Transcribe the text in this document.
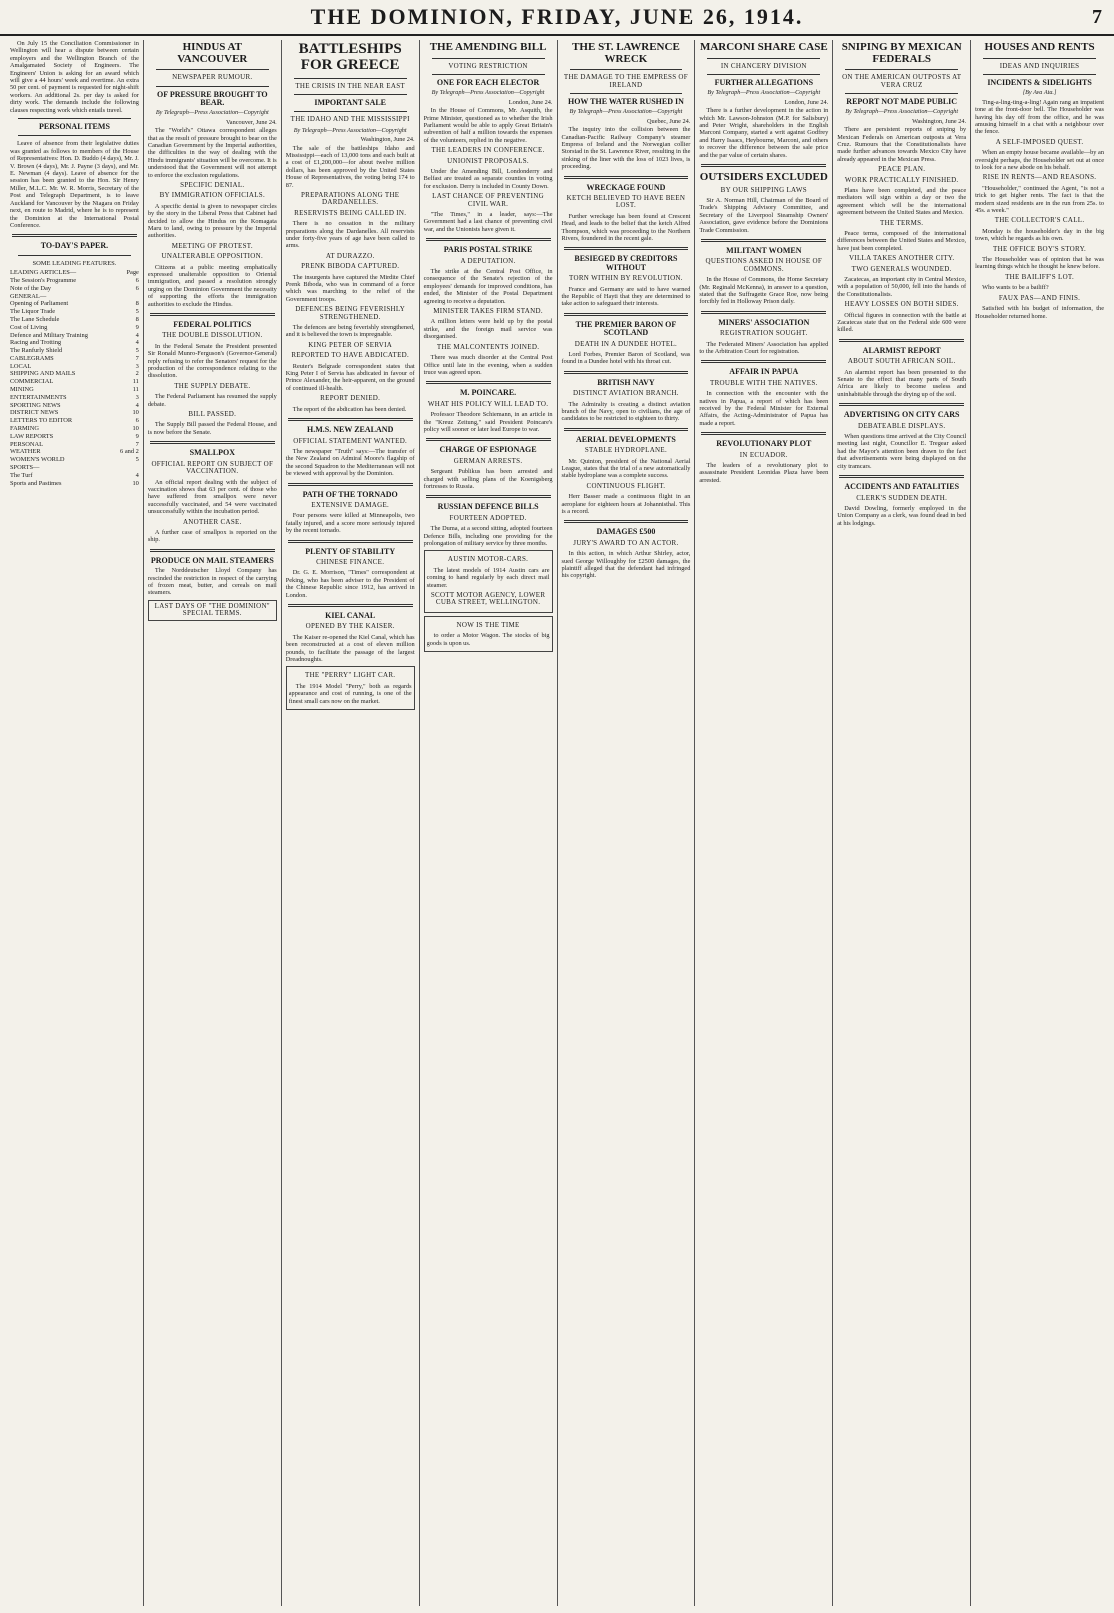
THE DOMINION, FRIDAY, JUNE 26, 1914.	7

On July 15 the Conciliation Commissioner in Wellington will hear a dispute between certain employers and the Wellington Branch of the Amalgamated Society of Engineers. The Engineers' Union is asking for an award which will give a 44 hours' week and overtime. An extra 50 per cent. of payment is requested for night-shift workers. An additional 2s. per day is asked for dirty work. The demands include the following clauses respecting work which entails travel.

PERSONAL ITEMS

Leave of absence from their legislative duties was granted as follows to members of the House of Representatives: Hon. D. Buddo (4 days), Mr. J. V. Brown (4 days), Mr. J. Payne (3 days), and Mr. E. Newman (4 days). Leave of absence for the session has been granted to the Hon. Sir Henry Miller, M.L.C. Mr. W. R. Morris, Secretary of the Post and Telegraph Department, is to leave Auckland for Vancouver by the Niagara on Friday next, en route to Madrid, where he is to represent the Dominion at the International Postal Conference.

TO-DAY'S PAPER.
SOME LEADING FEATURES.
LEADING ARTICLES—	Page
The Session's Programme	6
Note of the Day	6
GENERAL—
Opening of Parliament	8
The Liquor Trade	5
The Lane Schedule	8
Cost of Living	9
Defence and Military Training	4
Racing and Trotting	4
The Ranfurly Shield	5
CABLEGRAMS	7
LOCAL	3
SHIPPING AND MAILS	2
COMMERCIAL	11
MINING	11
ENTERTAINMENTS	3
SPORTING NEWS	4
DISTRICT NEWS	10
LETTERS TO EDITOR	6
FARMING	10
LAW REPORTS	9
PERSONAL	7
WEATHER	6 and 2
WOMEN'S WORLD	5
SPORTS—
The Turf	4
Sports and Pastimes	10
HINDUS AT VANCOUVER
NEWSPAPER RUMOUR.
OF PRESSURE BROUGHT TO BEAR.
By Telegraph—Press Association—Copyright
Vancouver, June 24.

The "World's" Ottawa correspondent alleges that as the result of pressure brought to bear on the Canadian Government by the Imperial authorities, the difficulties in the way of dealing with the Hindu immigrants' situation will be overcome. It is understood that the Government will not attempt to enforce the exclusion regulations.

SPECIFIC DENIAL.
BY IMMIGRATION OFFICIALS.

A specific denial is given to newspaper circles by the story in the Liberal Press that Cabinet had decided to allow the Hindus on the Komagata Maru to land, owing to pressure by the Imperial authorities.

MEETING OF PROTEST.
UNALTERABLE OPPOSITION.

Citizens at a public meeting emphatically expressed unalterable opposition to Oriental immigration, and passed a resolution strongly urging on the Dominion Government the necessity of supporting the efforts the immigration authorities to exclude the Hindus.

FEDERAL POLITICS
THE DOUBLE DISSOLUTION.

In the Federal Senate the President presented Sir Ronald Munro-Ferguson's (Governor-General) reply refusing to refer the Senators' request for the production of the correspondence relating to the dissolution.

THE SUPPLY DEBATE.

The Federal Parliament has resumed the supply debate.

BILL PASSED.

The Supply Bill passed the Federal House, and is now before the Senate.

SMALLPOX
OFFICIAL REPORT ON SUBJECT OF VACCINATION.

An official report dealing with the subject of vaccination shows that 63 per cent. of those who have suffered from smallpox were never successfully vaccinated, and 54 were vaccinated unsuccessfully within the incubation period.

ANOTHER CASE.

A further case of smallpox is reported on the ship.

PRODUCE ON MAIL STEAMERS

The Norddeutscher Lloyd Company has rescinded the restriction in respect of the carrying of frozen meat, butter, and cereals on mail steamers.

LAST DAYS OF "THE DOMINION" SPECIAL TERMS.
BATTLESHIPS FOR GREECE
THE CRISIS IN THE NEAR EAST
IMPORTANT SALE
THE IDAHO AND THE MISSISSIPPI
By Telegraph—Press Association—Copyright
Washington, June 24.

The sale of the battleships Idaho and Mississippi—each of 13,000 tons and each built at a cost of £1,200,000—for about twelve million dollars, has been approved by the United States House of Representatives, the voting being 174 to 87.

PREPARATIONS ALONG THE DARDANELLES.
RESERVISTS BEING CALLED IN.

There is no cessation in the military preparations along the Dardanelles. All reservists under forty-five years of age have been called to arms.

AT DURAZZO.
PRENK BIBODA CAPTURED.

The insurgents have captured the Mirdite Chief Prenk Biboda, who was in command of a force which was marching to the relief of the Government troops.

DEFENCES BEING FEVERISHLY STRENGTHENED.

The defences are being feverishly strengthened, and it is believed the town is impregnable.

KING PETER OF SERVIA
REPORTED TO HAVE ABDICATED.

Reuter's Belgrade correspondent states that King Peter I of Servia has abdicated in favour of Prince Alexander, the heir-apparent, on the ground of continued ill-health.

REPORT DENIED.

The report of the abdication has been denied.

H.M.S. NEW ZEALAND
OFFICIAL STATEMENT WANTED.

The newspaper "Truth" says:—The transfer of the New Zealand on Admiral Moore's flagship of the second Squadron to the Mediterranean will not be viewed with approval by the Dominion.

PATH OF THE TORNADO
EXTENSIVE DAMAGE.

Four persons were killed at Minneapolis, two fatally injured, and a score more seriously injured by the recent tornado.

PLENTY OF STABILITY
CHINESE FINANCE.

Dr. G. E. Morrison, "Times" correspondent at Peking, who has been adviser to the President of the Chinese Republic since 1912, has arrived in London.

KIEL CANAL
OPENED BY THE KAISER.

The Kaiser re-opened the Kiel Canal, which has been reconstructed at a cost of eleven million pounds, to facilitate the passage of the largest Dreadnoughts.

THE "PERRY" LIGHT CAR.

The 1914 Model "Perry," both as regards appearance and cost of running, is one of the finest small cars now on the market.

THE AMENDING BILL
VOTING RESTRICTION
ONE FOR EACH ELECTOR
By Telegraph—Press Association—Copyright
London, June 24.

In the House of Commons, Mr. Asquith, the Prime Minister, questioned as to whether the Irish Parliament would be able to apply Great Britain's subvention of half a million towards the expenses of the volunteers, replied in the negative.

THE LEADERS IN CONFERENCE.
UNIONIST PROPOSALS.

Under the Amending Bill, Londonderry and Belfast are treated as separate counties in voting for exclusion. Derry is included in County Down.

LAST CHANCE OF PREVENTING CIVIL WAR.

"The Times," in a leader, says:—The Government had a last chance of preventing civil war, and the Unionists have given it.

PARIS POSTAL STRIKE
A DEPUTATION.

The strike at the Central Post Office, in consequence of the Senate's rejection of the employees' demands for improved conditions, has ended, the Minister of the Postal Department agreeing to receive a deputation.

MINISTER TAKES FIRM STAND.

A million letters were held up by the postal strike, and the foreign mail service was disorganised.

THE MALCONTENTS JOINED.

There was much disorder at the Central Post Office until late in the evening, when a sudden truce was agreed upon.

M. POINCARE.
WHAT HIS POLICY WILL LEAD TO.

Professor Theodore Schiemann, in an article in the "Kreuz Zeitung," said President Poincare's policy will sooner or later lead Europe to war.

CHARGE OF ESPIONAGE
GERMAN ARRESTS.

Sergeant Publikus has been arrested and charged with selling plans of the Koenigsberg fortresses to Russia.

RUSSIAN DEFENCE BILLS
FOURTEEN ADOPTED.

The Duma, at a second sitting, adopted fourteen Defence Bills, including one providing for the prolongation of military service by three months.

AUSTIN MOTOR-CARS.

The latest models of 1914 Austin cars are coming to hand regularly by each direct mail steamer.

SCOTT MOTOR AGENCY, LOWER CUBA STREET, WELLINGTON.
NOW IS THE TIME

to order a Motor Wagon. The stocks of big goods is upon us.

THE ST. LAWRENCE WRECK
THE DAMAGE TO THE EMPRESS OF IRELAND
HOW THE WATER RUSHED IN
By Telegraph—Press Association—Copyright
Quebec, June 24.

The inquiry into the collision between the Canadian-Pacific Railway Company's steamer Empress of Ireland and the Norwegian collier Storstad in the St. Lawrence River, resulting in the sinking of the liner with the loss of 1023 lives, is proceeding.

WRECKAGE FOUND
KETCH BELIEVED TO HAVE BEEN LOST.

Further wreckage has been found at Crescent Head, and leads to the belief that the ketch Alfred Thompson, which was proceeding to the Northern Rivers, foundered in the recent gale.

BESIEGED BY CREDITORS WITHOUT
TORN WITHIN BY REVOLUTION.

France and Germany are said to have warned the Republic of Hayti that they are determined to take action to safeguard their interests.

THE PREMIER BARON OF SCOTLAND
DEATH IN A DUNDEE HOTEL.

Lord Forbes, Premier Baron of Scotland, was found in a Dundee hotel with his throat cut.

BRITISH NAVY
DISTINCT AVIATION BRANCH.

The Admiralty is creating a distinct aviation branch of the Navy, open to civilians, the age of candidates to be restricted to eighteen to thirty.

AERIAL DEVELOPMENTS
STABLE HYDROPLANE.

Mr. Quinton, president of the National Aerial League, states that the trial of a new automatically stable hydroplane was a complete success.

CONTINUOUS FLIGHT.

Herr Basser made a continuous flight in an aeroplane for eighteen hours at Johannisthal. This is a record.

DAMAGES £500
JURY'S AWARD TO AN ACTOR.

In this action, in which Arthur Shirley, actor, sued George Willoughby for £2500 damages, the plaintiff alleged that the defendant had infringed his copyright.

MARCONI SHARE CASE
IN CHANCERY DIVISION
FURTHER ALLEGATIONS
By Telegraph—Press Association—Copyright
London, June 24.

There is a further development in the action in which Mr. Lawson-Johnston (M.P. for Salisbury) and Peter Wright, shareholders in the English Marconi Company, started a writ against Godfrey and Harry Isaacs, Heybourne, Marconi, and others to recover the difference between the sale price and the par value of certain shares.

OUTSIDERS EXCLUDED
BY OUR SHIPPING LAWS

Sir A. Norman Hill, Chairman of the Board of Trade's Shipping Advisory Committee, and Secretary of the Liverpool Steamship Owners' Association, gave evidence before the Dominions Trade Commission.

MILITANT WOMEN
QUESTIONS ASKED IN HOUSE OF COMMONS.

In the House of Commons, the Home Secretary (Mr. Reginald McKenna), in answer to a question, stated that the Suffragette Grace Roe, now being forcibly fed in Holloway Prison daily.

MINERS' ASSOCIATION
REGISTRATION SOUGHT.

The Federated Miners' Association has applied to the Arbitration Court for registration.

AFFAIR IN PAPUA
TROUBLE WITH THE NATIVES.

In connection with the encounter with the natives in Papua, a report of which has been received by the Federal Minister for External Affairs, the Acting-Administrator of Papua has made a report.

REVOLUTIONARY PLOT
IN ECUADOR.

The leaders of a revolutionary plot to assassinate President Leonidas Plaza have been arrested.

SNIPING BY MEXICAN FEDERALS
ON THE AMERICAN OUTPOSTS AT VERA CRUZ
REPORT NOT MADE PUBLIC
By Telegraph—Press Association—Copyright
Washington, June 24.

There are persistent reports of sniping by Mexican Federals on American outposts at Vera Cruz. Rumours that the Constitutionalists have made further advances towards Mexico City have already appeared in the Mexican Press.

PEACE PLAN.
WORK PRACTICALLY FINISHED.

Plans have been completed, and the peace mediators will sign within a day or two the agreement which will be the international agreement between the United States and Mexico.

THE TERMS.

Peace terms, composed of the international differences between the United States and Mexico, have just been completed.

VILLA TAKES ANOTHER CITY.
TWO GENERALS WOUNDED.

Zacatecas, an important city in Central Mexico, with a population of 50,000, fell into the hands of the Constitutionalists.

HEAVY LOSSES ON BOTH SIDES.

Official figures in connection with the battle at Zacatecas state that on the Federal side 600 were killed.

ALARMIST REPORT
ABOUT SOUTH AFRICAN SOIL.

An alarmist report has been presented to the Senate to the effect that many parts of South Africa are likely to become useless and uninhabitable through the drying up of the soil.

ADVERTISING ON CITY CARS
DEBATEABLE DISPLAYS.

When questions time arrived at the City Council meeting last night, Councillor E. Tregear asked had the Mayor's attention been drawn to the fact that advertisements were being displayed on the city tramcars.

ACCIDENTS AND FATALITIES
CLERK'S SUDDEN DEATH.

David Dowling, formerly employed in the Union Company as a clerk, was found dead in bed at his lodgings.

HOUSES AND RENTS
IDEAS AND INQUIRIES
INCIDENTS & SIDELIGHTS
[By Ava Ata.]

Ting-a-ling-ting-a-ling! Again rang an impatient tone at the front-door bell. The Householder was having his day off from the office, and he was amusing himself in a chat with a neighbour over the fence.

A SELF-IMPOSED QUEST.

When an empty house became available—by an oversight perhaps, the Householder set out at once to look for a new abode on his behalf.

RISE IN RENTS—AND REASONS.

"Householder," continued the Agent, "is not a trick to get higher rents. The fact is that the modern sized residents are in the run from 25s. to 45s. a week."

THE COLLECTOR'S CALL.

Monday is the householder's day in the big town, which he regards as his own.

THE OFFICE BOY'S STORY.

The Householder was of opinion that he was learning things which he thought he knew before.

THE BAILIFF'S LOT.

Who wants to be a bailiff?

FAUX PAS—AND FINIS.

Satisfied with his budget of information, the Householder returned home.
